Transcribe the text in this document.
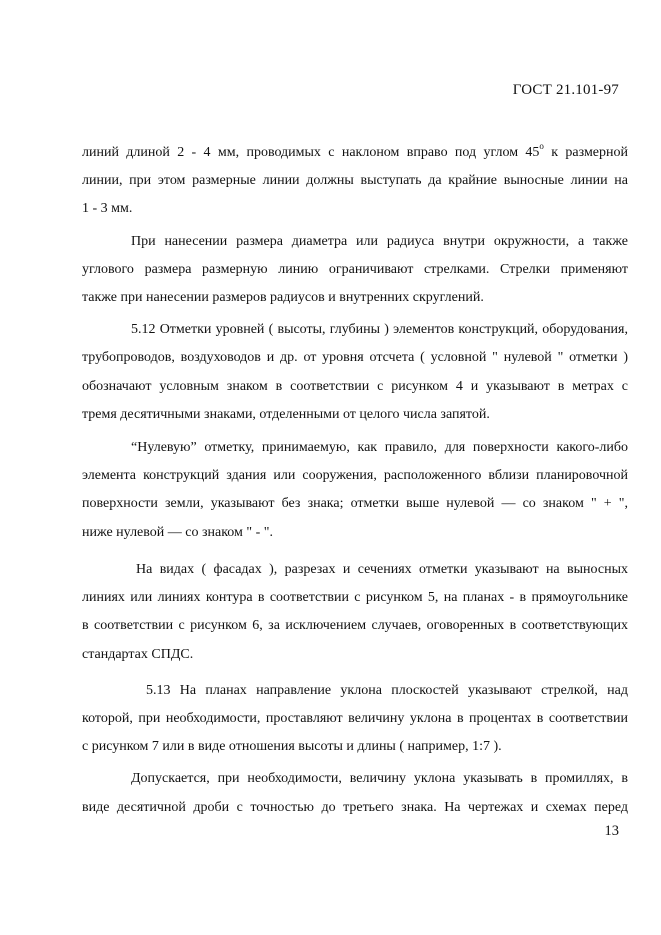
ГОСТ 21.101-97
линий длиной 2 - 4 мм, проводимых с наклоном вправо под углом 45$^o$ к размерной
линии, при этом размерные линии должны выступать да крайние выносные линии на
1 - 3 мм.
При нанесении размера диаметра или радиуса внутри окружности, а также
углового размера размерную линию ограничивают стрелками. Стрелки применяют
также при нанесении размеров радиусов и внутренних скруглений.
5.12 Отметки уровней ( высоты, глубины ) элементов конструкций, оборудования,
трубопроводов, воздуховодов и др. от уровня отсчета ( условной " нулевой " отметки )
обозначают условным знаком в соответствии с рисунком 4 и указывают в метрах с
тремя десятичными знаками, отделенными от целого числа запятой.
“Нулевую” отметку, принимаемую, как правило, для поверхности какого-либо
элемента конструкций здания или сооружения, расположенного вблизи планировочной
поверхности земли, указывают без знака; отметки выше нулевой — со знаком " + ",
ниже нулевой — со знаком " - ".
На видах ( фасадах ), разрезах и сечениях отметки указывают на выносных
линиях или линиях контура в соответствии с рисунком 5, на планах - в прямоугольнике
в соответствии с рисунком 6, за исключением случаев, оговоренных в соответствующих
стандартах СПДС.
5.13 На планах направление уклона плоскостей указывают стрелкой, над
которой, при необходимости, проставляют величину уклона в процентах в соответствии
с рисунком 7 или в виде отношения высоты и длины ( например, 1:7 ).
Допускается, при необходимости, величину уклона указывать в промиллях, в
виде десятичной дроби с точностью до третьего знака. На чертежах и схемах перед
13
